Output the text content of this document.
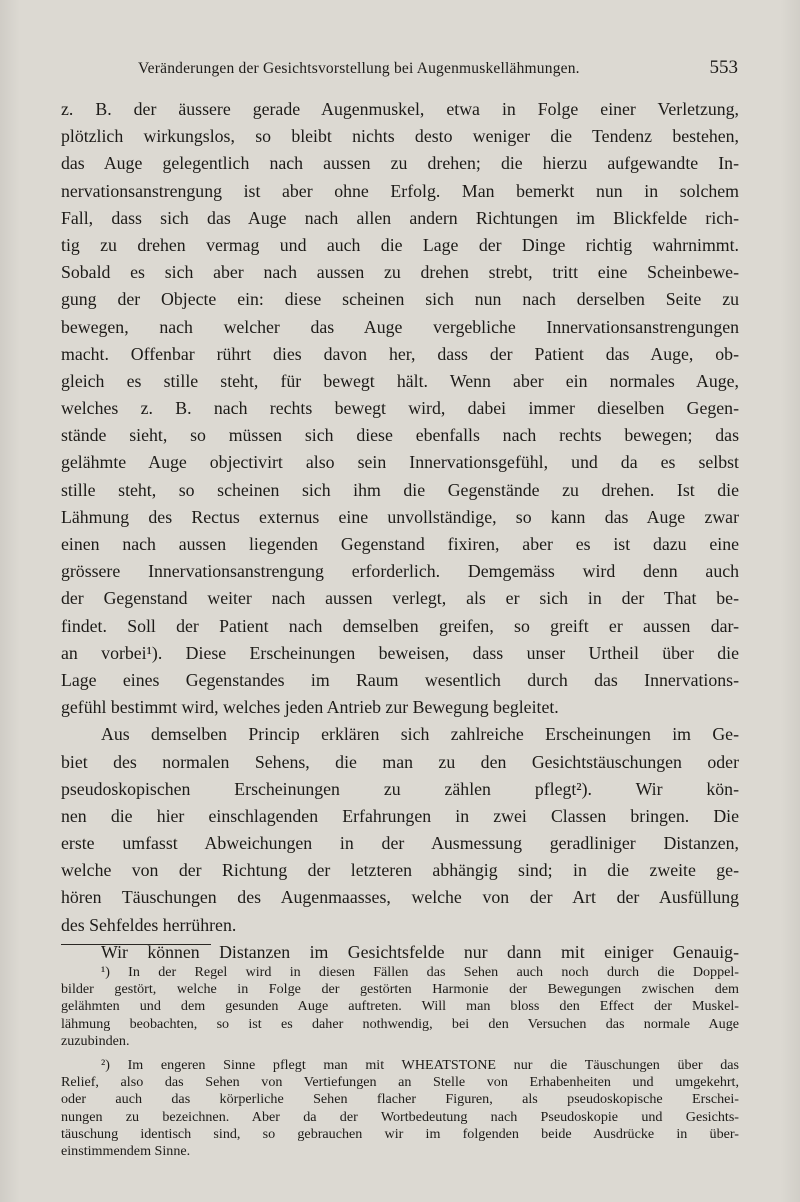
Veränderungen der Gesichtsvorstellung bei Augenmuskellähmungen.	553
z. B. der äussere gerade Augenmuskel, etwa in Folge einer Verletzung,
plötzlich wirkungslos, so bleibt nichts desto weniger die Tendenz bestehen,
das Auge gelegentlich nach aussen zu drehen; die hierzu aufgewandte In-
nervationsanstrengung ist aber ohne Erfolg. Man bemerkt nun in solchem
Fall, dass sich das Auge nach allen andern Richtungen im Blickfelde rich-
tig zu drehen vermag und auch die Lage der Dinge richtig wahrnimmt.
Sobald es sich aber nach aussen zu drehen strebt, tritt eine Scheinbewe-
gung der Objecte ein: diese scheinen sich nun nach derselben Seite zu
bewegen, nach welcher das Auge vergebliche Innervationsanstrengungen
macht. Offenbar rührt dies davon her, dass der Patient das Auge, ob-
gleich es stille steht, für bewegt hält. Wenn aber ein normales Auge,
welches z. B. nach rechts bewegt wird, dabei immer dieselben Gegen-
stände sieht, so müssen sich diese ebenfalls nach rechts bewegen; das
gelähmte Auge objectivirt also sein Innervationsgefühl, und da es selbst
stille steht, so scheinen sich ihm die Gegenstände zu drehen. Ist die
Lähmung des Rectus externus eine unvollständige, so kann das Auge zwar
einen nach aussen liegenden Gegenstand fixiren, aber es ist dazu eine
grössere Innervationsanstrengung erforderlich. Demgemäss wird denn auch
der Gegenstand weiter nach aussen verlegt, als er sich in der That be-
findet. Soll der Patient nach demselben greifen, so greift er aussen dar-
an vorbei¹). Diese Erscheinungen beweisen, dass unser Urtheil über die
Lage eines Gegenstandes im Raum wesentlich durch das Innervations-
gefühl bestimmt wird, welches jeden Antrieb zur Bewegung begleitet.
Aus demselben Princip erklären sich zahlreiche Erscheinungen im Ge-
biet des normalen Sehens, die man zu den Gesichtstäuschungen oder
pseudoskopischen Erscheinungen zu zählen pflegt²). Wir kön-
nen die hier einschlagenden Erfahrungen in zwei Classen bringen. Die
erste umfasst Abweichungen in der Ausmessung geradliniger Distanzen,
welche von der Richtung der letzteren abhängig sind; in die zweite ge-
hören Täuschungen des Augenmaasses, welche von der Art der Ausfüllung
des Sehfeldes herrühren.
Wir können Distanzen im Gesichtsfelde nur dann mit einiger Genauig-
¹) In der Regel wird in diesen Fällen das Sehen auch noch durch die Doppel-
bilder gestört, welche in Folge der gestörten Harmonie der Bewegungen zwischen dem
gelähmten und dem gesunden Auge auftreten. Will man bloss den Effect der Muskel-
lähmung beobachten, so ist es daher nothwendig, bei den Versuchen das normale Auge
zuzubinden.
²) Im engeren Sinne pflegt man mit WHEATSTONE nur die Täuschungen über das
Relief, also das Sehen von Vertiefungen an Stelle von Erhabenheiten und umgekehrt,
oder auch das körperliche Sehen flacher Figuren, als pseudoskopische Erschei-
nungen zu bezeichnen. Aber da der Wortbedeutung nach Pseudoskopie und Gesichts-
täuschung identisch sind, so gebrauchen wir im folgenden beide Ausdrücke in über-
einstimmendem Sinne.
